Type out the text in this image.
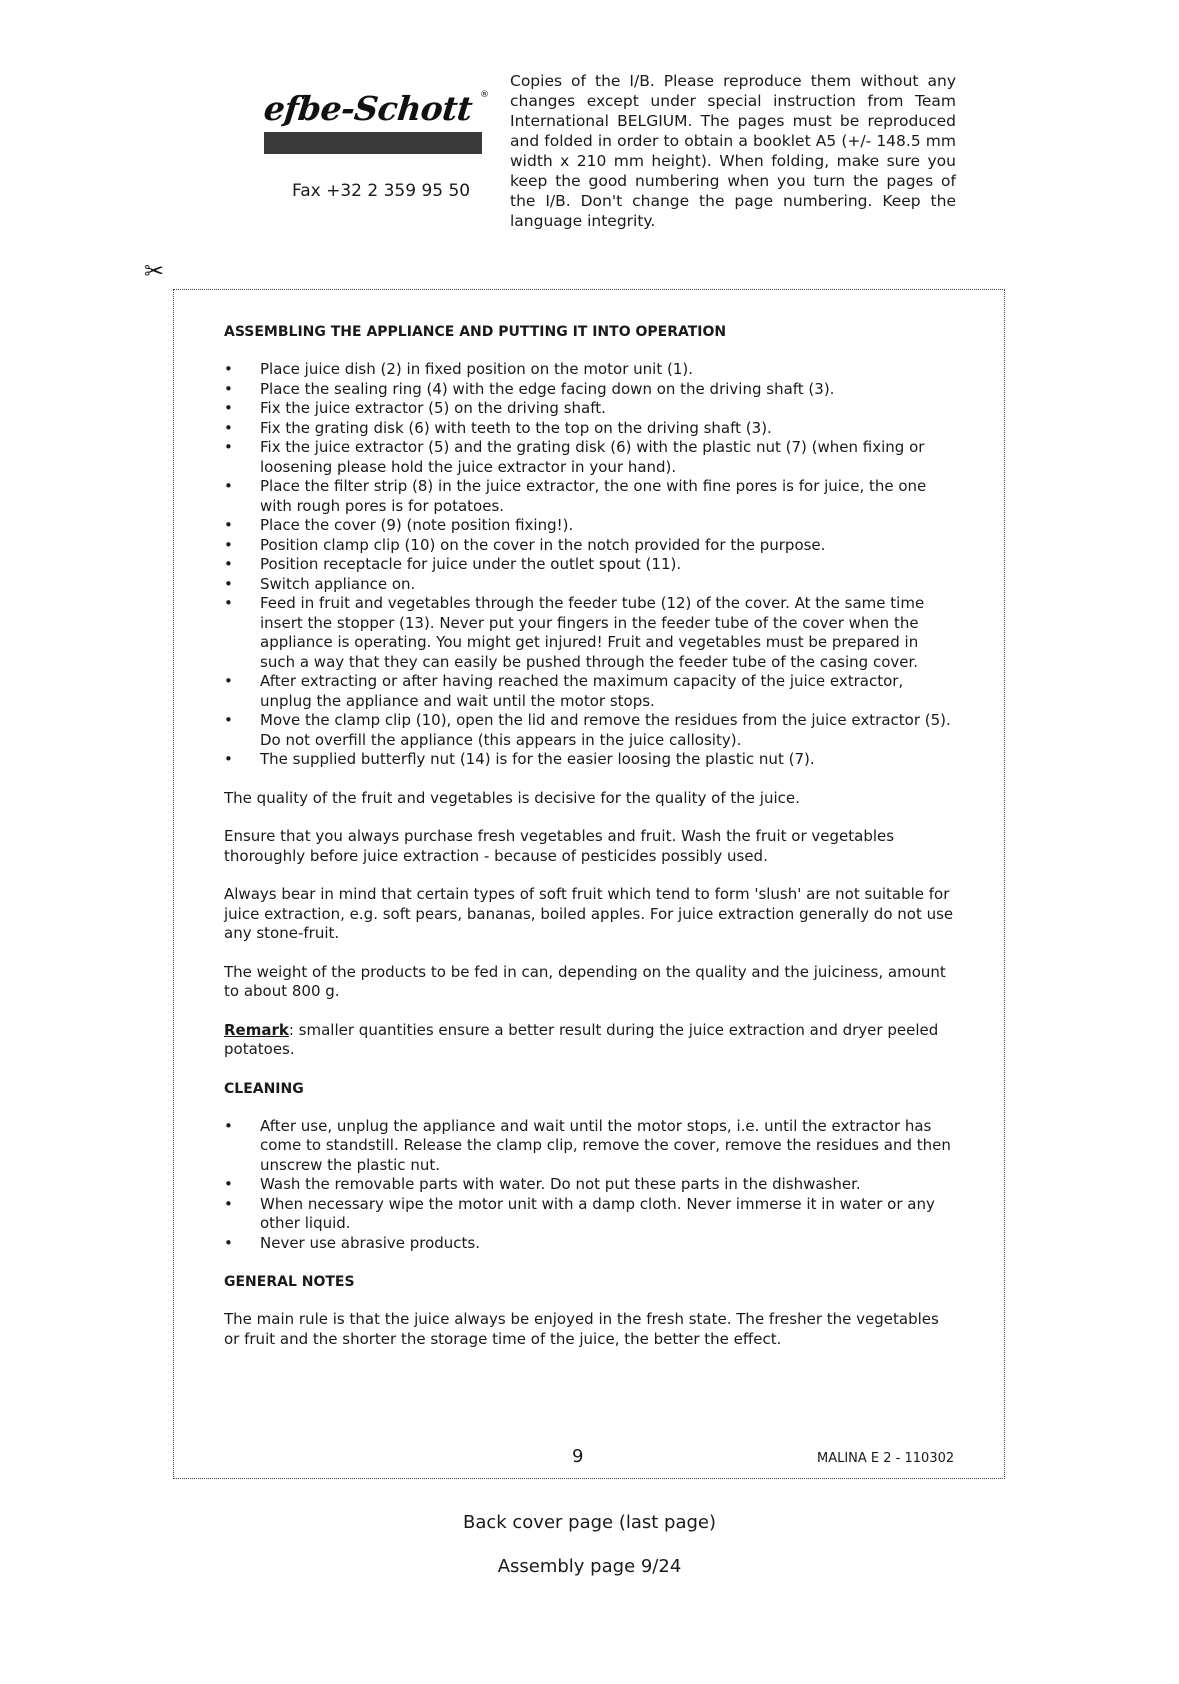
efbe-Schott ®
Fax +32 2 359 95 50
Copies of the I/B. Please reproduce them without any changes except under special instruction from Team International BELGIUM. The pages must be reproduced and folded in order to obtain a booklet A5 (+/- 148.5 mm width x 210 mm height). When folding, make sure you keep the good numbering when you turn the pages of the I/B. Don't change the page numbering. Keep the language integrity.
✂
ASSEMBLING THE APPLIANCE AND PUTTING IT INTO OPERATION
• Place juice dish (2) in fixed position on the motor unit (1).
• Place the sealing ring (4) with the edge facing down on the driving shaft (3).
• Fix the juice extractor (5) on the driving shaft.
• Fix the grating disk (6) with teeth to the top on the driving shaft (3).
• Fix the juice extractor (5) and the grating disk (6) with the plastic nut (7) (when fixing or loosening please hold the juice extractor in your hand).
• Place the filter strip (8) in the juice extractor, the one with fine pores is for juice, the one with rough pores is for potatoes.
• Place the cover (9) (note position fixing!).
• Position clamp clip (10) on the cover in the notch provided for the purpose.
• Position receptacle for juice under the outlet spout (11).
• Switch appliance on.
• Feed in fruit and vegetables through the feeder tube (12) of the cover. At the same time insert the stopper (13). Never put your fingers in the feeder tube of the cover when the appliance is operating. You might get injured! Fruit and vegetables must be prepared in such a way that they can easily be pushed through the feeder tube of the casing cover.
• After extracting or after having reached the maximum capacity of the juice extractor, unplug the appliance and wait until the motor stops.
• Move the clamp clip (10), open the lid and remove the residues from the juice extractor (5). Do not overfill the appliance (this appears in the juice callosity).
• The supplied butterfly nut (14) is for the easier loosing the plastic nut (7).

The quality of the fruit and vegetables is decisive for the quality of the juice.

Ensure that you always purchase fresh vegetables and fruit. Wash the fruit or vegetables thoroughly before juice extraction - because of pesticides possibly used.

Always bear in mind that certain types of soft fruit which tend to form 'slush' are not suitable for juice extraction, e.g. soft pears, bananas, boiled apples. For juice extraction generally do not use any stone-fruit.

The weight of the products to be fed in can, depending on the quality and the juiciness, amount to about 800 g.

Remark: smaller quantities ensure a better result during the juice extraction and dryer peeled potatoes.

CLEANING
• After use, unplug the appliance and wait until the motor stops, i.e. until the extractor has come to standstill. Release the clamp clip, remove the cover, remove the residues and then unscrew the plastic nut.
• Wash the removable parts with water. Do not put these parts in the dishwasher.
• When necessary wipe the motor unit with a damp cloth. Never immerse it in water or any other liquid.
• Never use abrasive products.
GENERAL NOTES

The main rule is that the juice always be enjoyed in the fresh state. The fresher the vegetables or fruit and the shorter the storage time of the juice, the better the effect.

9	MALINA E 2 - 110302
Back cover page (last page)
Assembly page 9/24
